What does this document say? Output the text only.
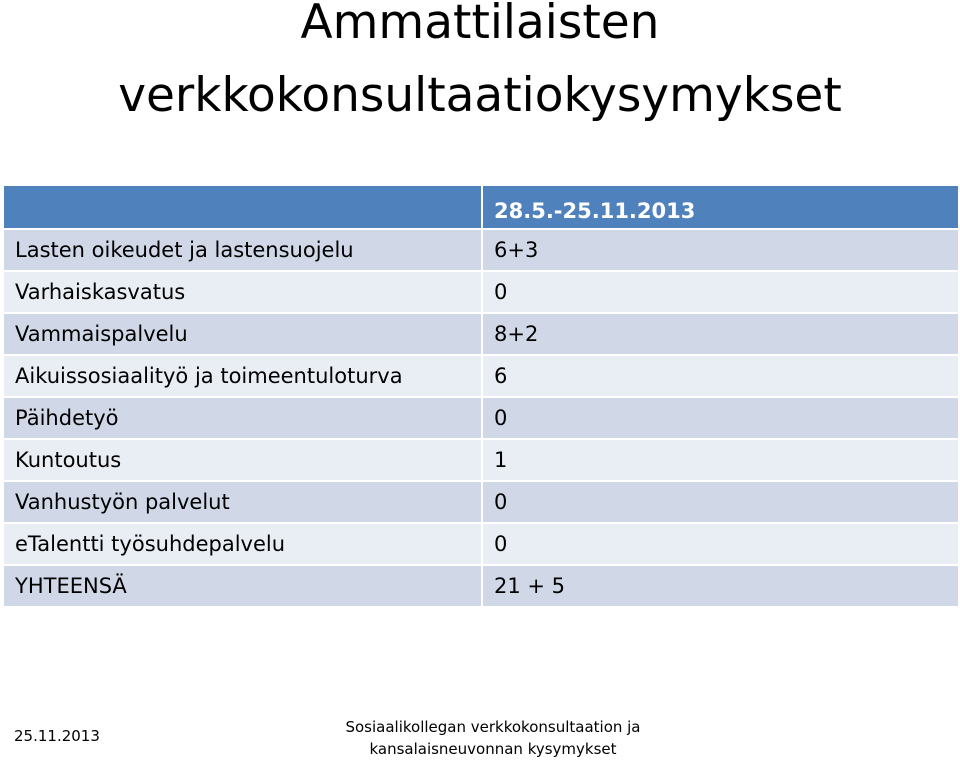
Ammattilaisten
verkkokonsultaatiokysymykset
	28.5.-25.11.2013
Lasten oikeudet ja lastensuojelu	6+3
Varhaiskasvatus	0
Vammaispalvelu	8+2
Aikuissosiaalityö ja toimeentuloturva	6
Päihdetyö	0
Kuntoutus	1
Vanhustyön palvelut	0
eTalentti työsuhdepalvelu	0
YHTEENSÄ	21 + 5
25.11.2013	Sosiaalikollegan verkkokonsultaation ja
kansalaisneuvonnan kysymykset
